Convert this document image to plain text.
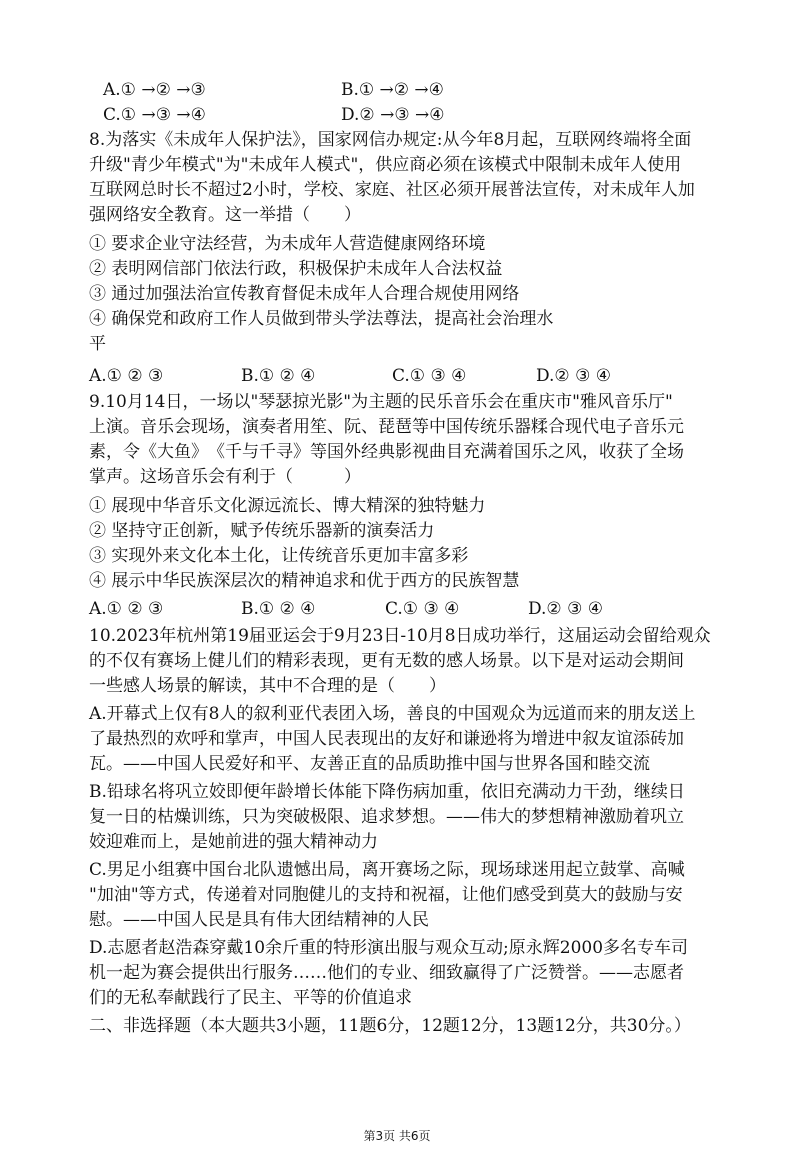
A.① →② →③	B.① →② →④
C.① →③ →④	D.② →③ →④
8.为落实《未成年人保护法》，国家网信办规定:从今年8月起，互联网终端将全面
升级"青少年模式"为"未成年人模式"，供应商必须在该模式中限制未成年人使用
互联网总时长不超过2小时，学校、家庭、社区必须开展普法宣传，对未成年人加
强网络安全教育。这一举措（　　）
① 要求企业守法经营，为未成年人营造健康网络环境
② 表明网信部门依法行政，积极保护未成年人合法权益
③ 通过加强法治宣传教育督促未成年人合理合规使用网络
④ 确保党和政府工作人员做到带头学法尊法，提高社会治理水
平
A.① ② ③	B.① ② ④	C.① ③ ④	D.② ③ ④
9.10月14日，一场以"琴瑟掠光影"为主题的民乐音乐会在重庆市"雅风音乐厅"
上演。音乐会现场，演奏者用笙、阮、琵琶等中国传统乐器糅合现代电子音乐元
素，令《大鱼》　《千与千寻》等国外经典影视曲目充满着国乐之风，收获了全场
掌声。这场音乐会有利于（　　　）
① 展现中华音乐文化源远流长、博大精深的独特魅力
② 坚持守正创新，赋予传统乐器新的演奏活力
③ 实现外来文化本土化，让传统音乐更加丰富多彩
④ 展示中华民族深层次的精神追求和优于西方的民族智慧
A.① ② ③	B.① ② ④	C.① ③ ④	D.② ③ ④
10.2023年杭州第19届亚运会于9月23日-10月8日成功举行，这届运动会留给观众
的不仅有赛场上健儿们的精彩表现，更有无数的感人场景。以下是对运动会期间
一些感人场景的解读，其中不合理的是（　　）
A.开幕式上仅有8人的叙利亚代表团入场，善良的中国观众为远道而来的朋友送上
了最热烈的欢呼和掌声，中国人民表现出的友好和谦逊将为增进中叙友谊添砖加
瓦。——中国人民爱好和平、友善正直的品质助推中国与世界各国和睦交流
B.铅球名将巩立姣即便年龄增长体能下降伤病加重，依旧充满动力干劲，继续日
复一日的枯燥训练，只为突破极限、追求梦想。——伟大的梦想精神激励着巩立
姣迎难而上，是她前进的强大精神动力
C.男足小组赛中国台北队遗憾出局，离开赛场之际，现场球迷用起立鼓掌、高喊
"加油"等方式，传递着对同胞健儿的支持和祝福，让他们感受到莫大的鼓励与安
慰。——中国人民是具有伟大团结精神的人民
D.志愿者赵浩森穿戴10余斤重的特形演出服与观众互动;原永辉2000多名专车司
机一起为赛会提供出行服务……他们的专业、细致赢得了广泛赞誉。——志愿者
们的无私奉献践行了民主、平等的价值追求
二、非选择题（本大题共3小题，11题6分，12题12分，13题12分，共30分。）
第3页 共6页
